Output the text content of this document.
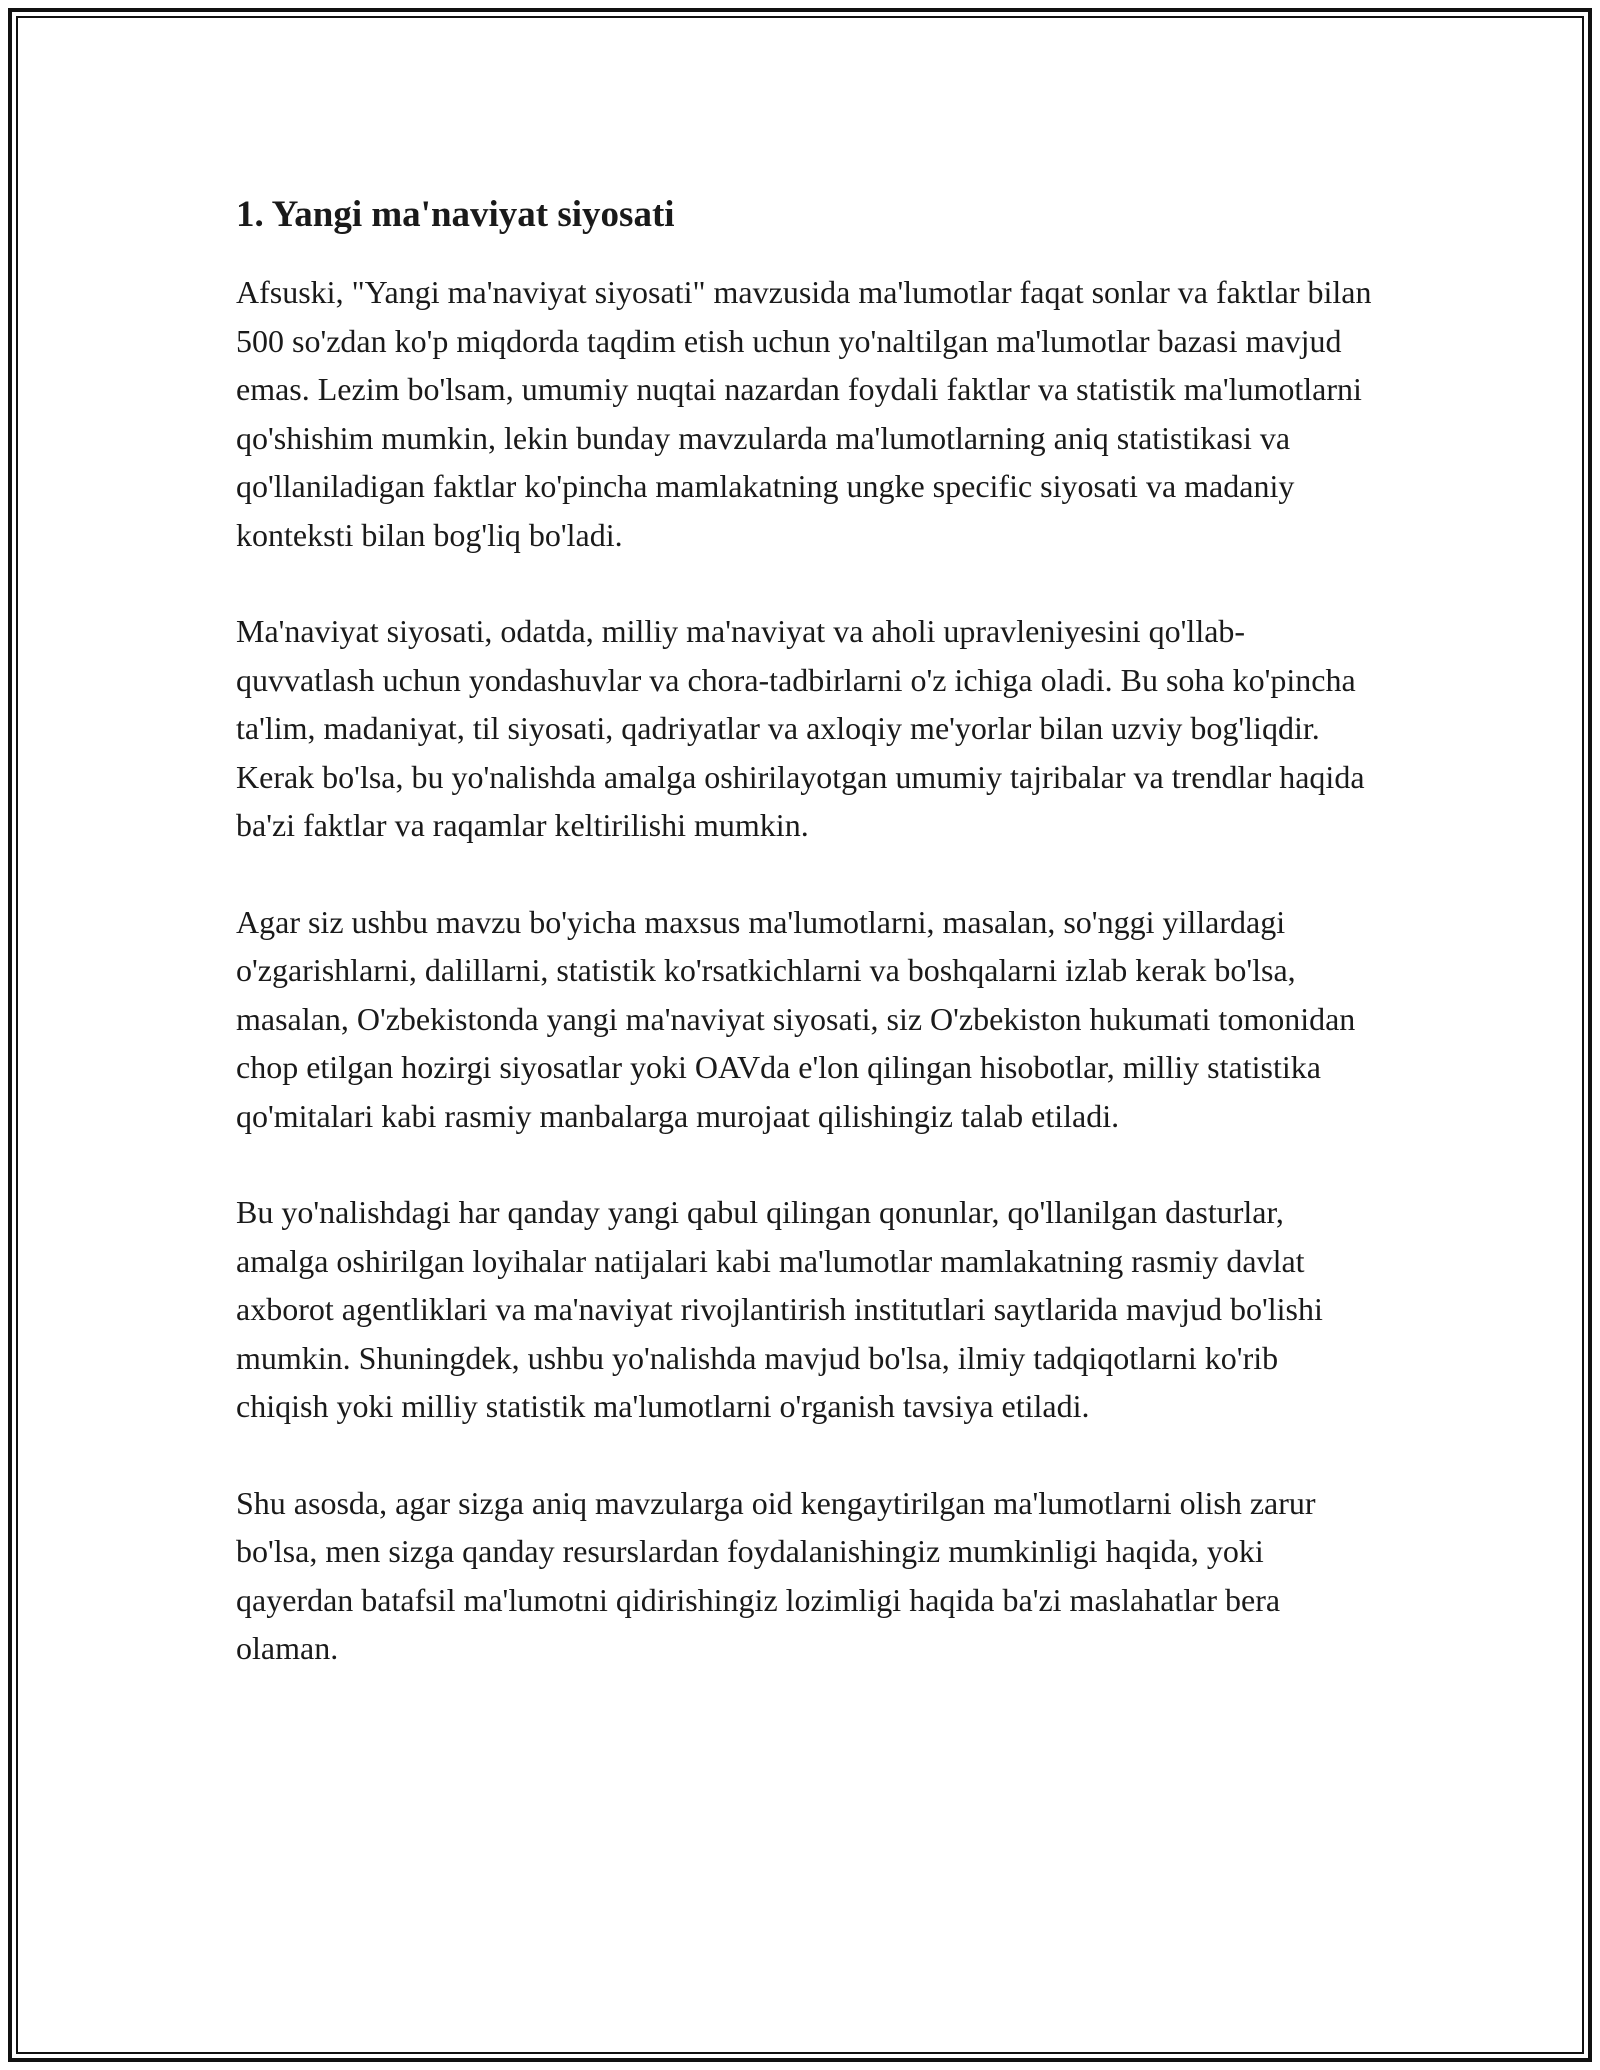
1. Yangi ma'naviyat siyosati

Afsuski, "Yangi ma'naviyat siyosati" mavzusida ma'lumotlar faqat sonlar va faktlar bilan 500 so'zdan ko'p miqdorda taqdim etish uchun yo'naltilgan ma'lumotlar bazasi mavjud emas. Lezim bo'lsam, umumiy nuqtai nazardan foydali faktlar va statistik ma'lumotlarni qo'shishim mumkin, lekin bunday mavzularda ma'lumotlarning aniq statistikasi va qo'llaniladigan faktlar ko'pincha mamlakatning ungke specific siyosati va madaniy konteksti bilan bog'liq bo'ladi.

Ma'naviyat siyosati, odatda, milliy ma'naviyat va aholi upravleniyesini qo'llab-quvvatlash uchun yondashuvlar va chora-tadbirlarni o'z ichiga oladi. Bu soha ko'pincha ta'lim, madaniyat, til siyosati, qadriyatlar va axloqiy me'yorlar bilan uzviy bog'liqdir. Kerak bo'lsa, bu yo'nalishda amalga oshirilayotgan umumiy tajribalar va trendlar haqida ba'zi faktlar va raqamlar keltirilishi mumkin.

Agar siz ushbu mavzu bo'yicha maxsus ma'lumotlarni, masalan, so'nggi yillardagi o'zgarishlarni, dalillarni, statistik ko'rsatkichlarni va boshqalarni izlab kerak bo'lsa, masalan, O'zbekistonda yangi ma'naviyat siyosati, siz O'zbekiston hukumati tomonidan chop etilgan hozirgi siyosatlar yoki OAVda e'lon qilingan hisobotlar, milliy statistika qo'mitalari kabi rasmiy manbalarga murojaat qilishingiz talab etiladi.

Bu yo'nalishdagi har qanday yangi qabul qilingan qonunlar, qo'llanilgan dasturlar, amalga oshirilgan loyihalar natijalari kabi ma'lumotlar mamlakatning rasmiy davlat axborot agentliklari va ma'naviyat rivojlantirish institutlari saytlarida mavjud bo'lishi mumkin. Shuningdek, ushbu yo'nalishda mavjud bo'lsa, ilmiy tadqiqotlarni ko'rib chiqish yoki milliy statistik ma'lumotlarni o'rganish tavsiya etiladi.

Shu asosda, agar sizga aniq mavzularga oid kengaytirilgan ma'lumotlarni olish zarur bo'lsa, men sizga qanday resurslardan foydalanishingiz mumkinligi haqida, yoki qayerdan batafsil ma'lumotni qidirishingiz lozimligi haqida ba'zi maslahatlar bera olaman.
